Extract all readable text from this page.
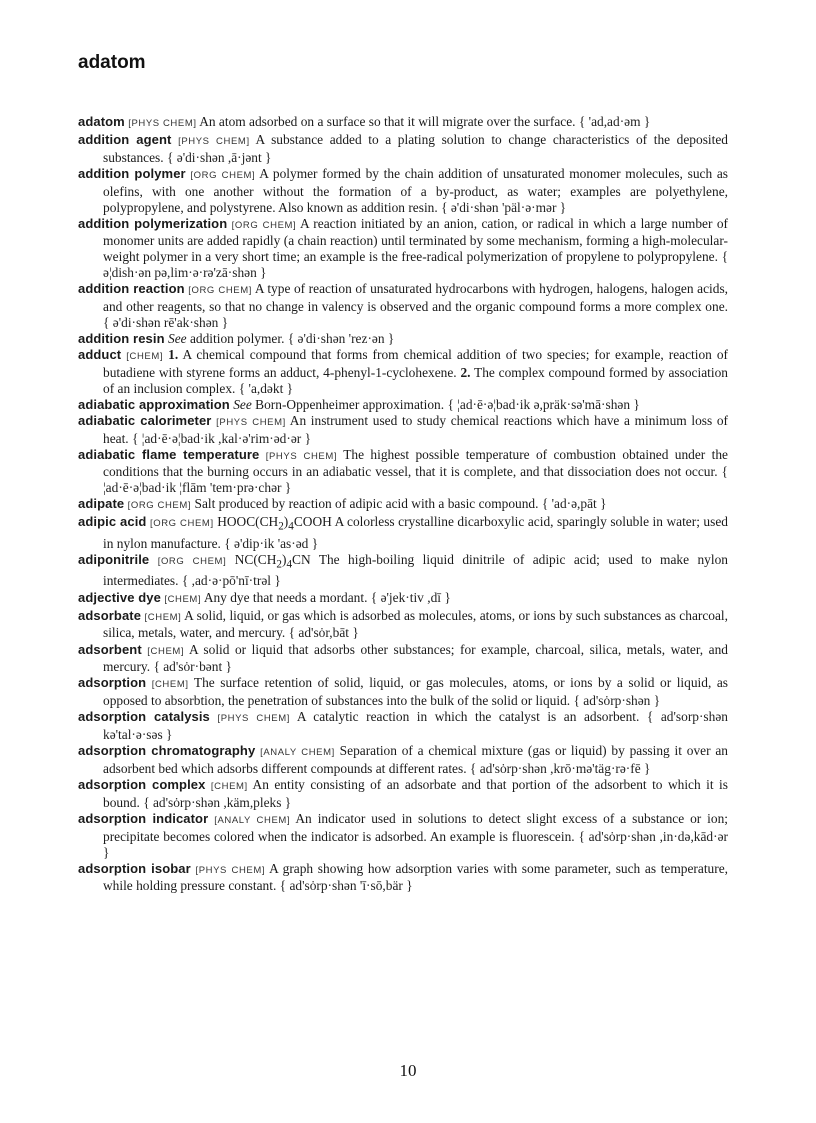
adatom

adatom [PHYS CHEM] An atom adsorbed on a surface so that it will migrate over the surface. { 'ad,ad·əm }

addition agent [PHYS CHEM] A substance added to a plating solution to change characteristics of the deposited substances. { ə'di·shən ,ā·jənt }

addition polymer [ORG CHEM] A polymer formed by the chain addition of unsaturated monomer molecules, such as olefins, with one another without the formation of a by-product, as water; examples are polyethylene, polypropylene, and polystyrene. Also known as addition resin. { ə'di·shən 'päl·ə·mər }

addition polymerization [ORG CHEM] A reaction initiated by an anion, cation, or radical in which a large number of monomer units are added rapidly (a chain reaction) until terminated by some mechanism, forming a high-molecular-weight polymer in a very short time; an example is the free-radical polymerization of propylene to polypropylene. { ə¦dish·ən pə,lim·ə·rə'zā·shən }

addition reaction [ORG CHEM] A type of reaction of unsaturated hydrocarbons with hydrogen, halogens, halogen acids, and other reagents, so that no change in valency is observed and the organic compound forms a more complex one. { ə'di·shən rē'ak·shən }

addition resin See addition polymer. { ə'di·shən 'rez·ən }

adduct [CHEM] 1. A chemical compound that forms from chemical addition of two species; for example, reaction of butadiene with styrene forms an adduct, 4-phenyl-1-cyclohexene. 2. The complex compound formed by association of an inclusion complex. { 'a,dəkt }

adiabatic approximation See Born-Oppenheimer approximation. { ¦ad·ē·ə¦bad·ik ə,präk·sə'mā·shən }

adiabatic calorimeter [PHYS CHEM] An instrument used to study chemical reactions which have a minimum loss of heat. { ¦ad·ē·ə¦bad·ik ,kal·ə'rim·əd·ər }

adiabatic flame temperature [PHYS CHEM] The highest possible temperature of combustion obtained under the conditions that the burning occurs in an adiabatic vessel, that it is complete, and that dissociation does not occur. { ¦ad·ē·ə¦bad·ik ¦flām 'tem·prə·chər }

adipate [ORG CHEM] Salt produced by reaction of adipic acid with a basic compound. { 'ad·ə,pāt }

adipic acid [ORG CHEM] $HOOC(CH_2)_4COOH$ A colorless crystalline dicarboxylic acid, sparingly soluble in water; used in nylon manufacture. { ə'dip·ik 'as·əd }

adiponitrile [ORG CHEM] $NC(CH_2)_4CN$ The high-boiling liquid dinitrile of adipic acid; used to make nylon intermediates. { ,ad·ə·pō'nī·trəl }

adjective dye [CHEM] Any dye that needs a mordant. { ə'jek·tiv ,dī }

adsorbate [CHEM] A solid, liquid, or gas which is adsorbed as molecules, atoms, or ions by such substances as charcoal, silica, metals, water, and mercury. { ad'sȯr,bāt }

adsorbent [CHEM] A solid or liquid that adsorbs other substances; for example, charcoal, silica, metals, water, and mercury. { ad'sȯr·bənt }

adsorption [CHEM] The surface retention of solid, liquid, or gas molecules, atoms, or ions by a solid or liquid, as opposed to absorbtion, the penetration of substances into the bulk of the solid or liquid. { ad'sȯrp·shən }

adsorption catalysis [PHYS CHEM] A catalytic reaction in which the catalyst is an adsorbent. { ad'sorp·shən kə'tal·ə·səs }

adsorption chromatography [ANALY CHEM] Separation of a chemical mixture (gas or liquid) by passing it over an adsorbent bed which adsorbs different compounds at different rates. { ad'sȯrp·shən ,krō·mə'täg·rə·fē }

adsorption complex [CHEM] An entity consisting of an adsorbate and that portion of the adsorbent to which it is bound. { ad'sȯrp·shən ,käm,pleks }

adsorption indicator [ANALY CHEM] An indicator used in solutions to detect slight excess of a substance or ion; precipitate becomes colored when the indicator is adsorbed. An example is fluorescein. { ad'sȯrp·shən ,in·də,kād·ər }

adsorption isobar [PHYS CHEM] A graph showing how adsorption varies with some parameter, such as temperature, while holding pressure constant. { ad'sȯrp·shən 'ī·sō,bär }

10
